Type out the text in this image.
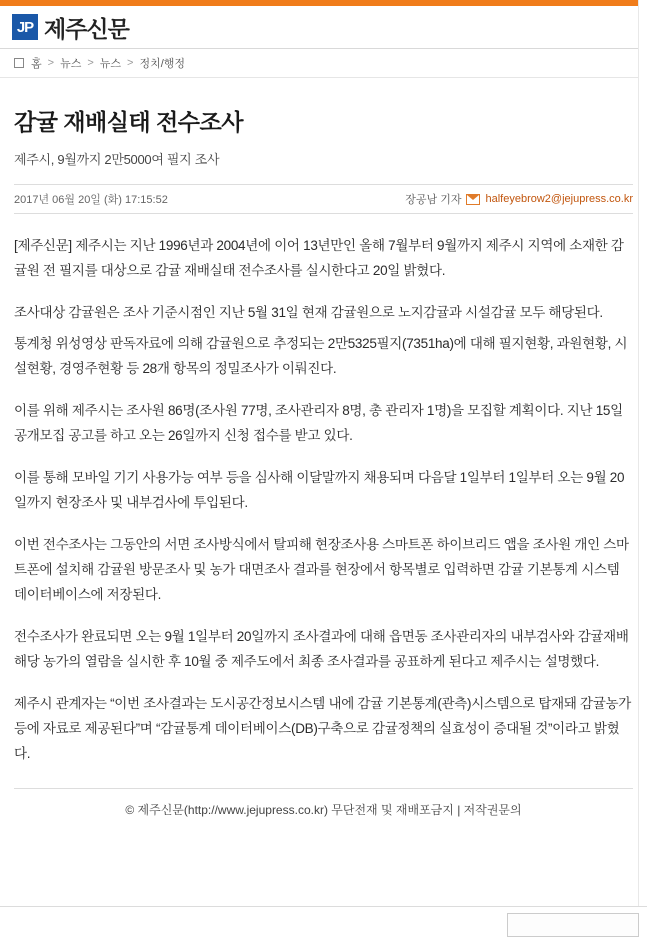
JP 제주신문
홈 > 뉴스 > 뉴스 > 정치/행정
감귤 재배실태 전수조사
제주시, 9월까지 2만5000여 필지 조사
2017년 06월 20일 (화) 17:15:52	장공남 기자 halfeyebrow2@jejupress.co.kr

[제주신문] 제주시는 지난 1996년과 2004년에 이어 13년만인 올해 7월부터 9월까지 제주시 지역에 소재한 감귤원 전 필지를 대상으로 감귤 재배실태 전수조사를 실시한다고 20일 밝혔다.

조사대상 감귤원은 조사 기준시점인 지난 5월 31일 현재 감귤원으로 노지감귤과 시설감귤 모두 해당된다.

통계청 위성영상 판독자료에 의해 감귤원으로 추정되는 2만5325필지(7351ha)에 대해 필지현황, 과원현황, 시설현황, 경영주현황 등 28개 항목의 정밀조사가 이뤄진다.

이를 위해 제주시는 조사원 86명(조사원 77명, 조사관리자 8명, 총 관리자 1명)을 모집할 계획이다. 지난 15일 공개모집 공고를 하고 오는 26일까지 신청 접수를 받고 있다.

이를 통해 모바일 기기 사용가능 여부 등을 심사해 이달말까지 채용되며 다음달 1일부터 1일부터 오는 9월 20일까지 현장조사 및 내부검사에 투입된다.

이번 전수조사는 그동안의 서면 조사방식에서 탈피해 현장조사용 스마트폰 하이브리드 앱을 조사원 개인 스마트폰에 설치해 감귤원 방문조사 및 농가 대면조사 결과를 현장에서 항목별로 입력하면 감귤 기본통계 시스템 데이터베이스에 저장된다.

전수조사가 완료되면 오는 9월 1일부터 20일까지 조사결과에 대해 읍면동 조사관리자의 내부검사와 감귤재배 해당 농가의 열람을 실시한 후 10월 중 제주도에서 최종 조사결과를 공표하게 된다고 제주시는 설명했다.

제주시 관계자는 “이번 조사결과는 도시공간정보시스템 내에 감귤 기본통계(관측)시스템으로 탑재돼 감귤농가 등에 자료로 제공된다”며 “감귤통계 데이터베이스(DB)구축으로 감귤정책의 실효성이 증대될 것”이라고 밝혔다.

© 제주신문(http://www.jejupress.co.kr) 무단전재 및 재배포금지 | 저작권문의
